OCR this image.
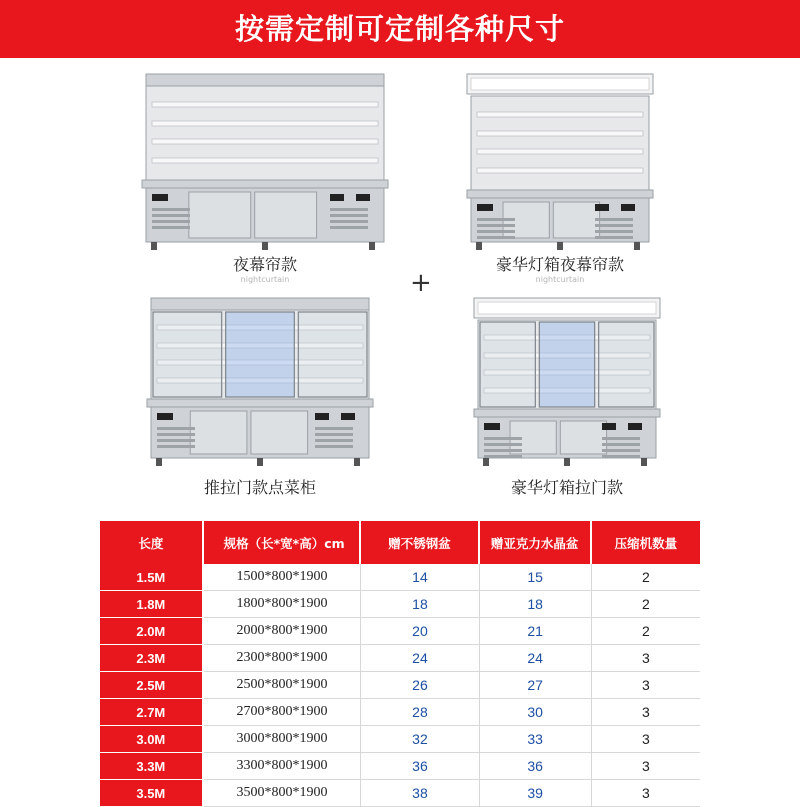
按需定制可定制各种尺寸
夜幕帘款
nightcurtain
豪华灯箱夜幕帘款
nightcurtain
+
推拉门款点菜柜	豪华灯箱拉门款
长度	规格（长*宽*高）cm	赠不锈钢盆	赠亚克力水晶盆	压缩机数量
1.5M	1500*800*1900	14	15	2
1.8M	1800*800*1900	18	18	2
2.0M	2000*800*1900	20	21	2
2.3M	2300*800*1900	24	24	3
2.5M	2500*800*1900	26	27	3
2.7M	2700*800*1900	28	30	3
3.0M	3000*800*1900	32	33	3
3.3M	3300*800*1900	36	36	3
3.5M	3500*800*1900	38	39	3
